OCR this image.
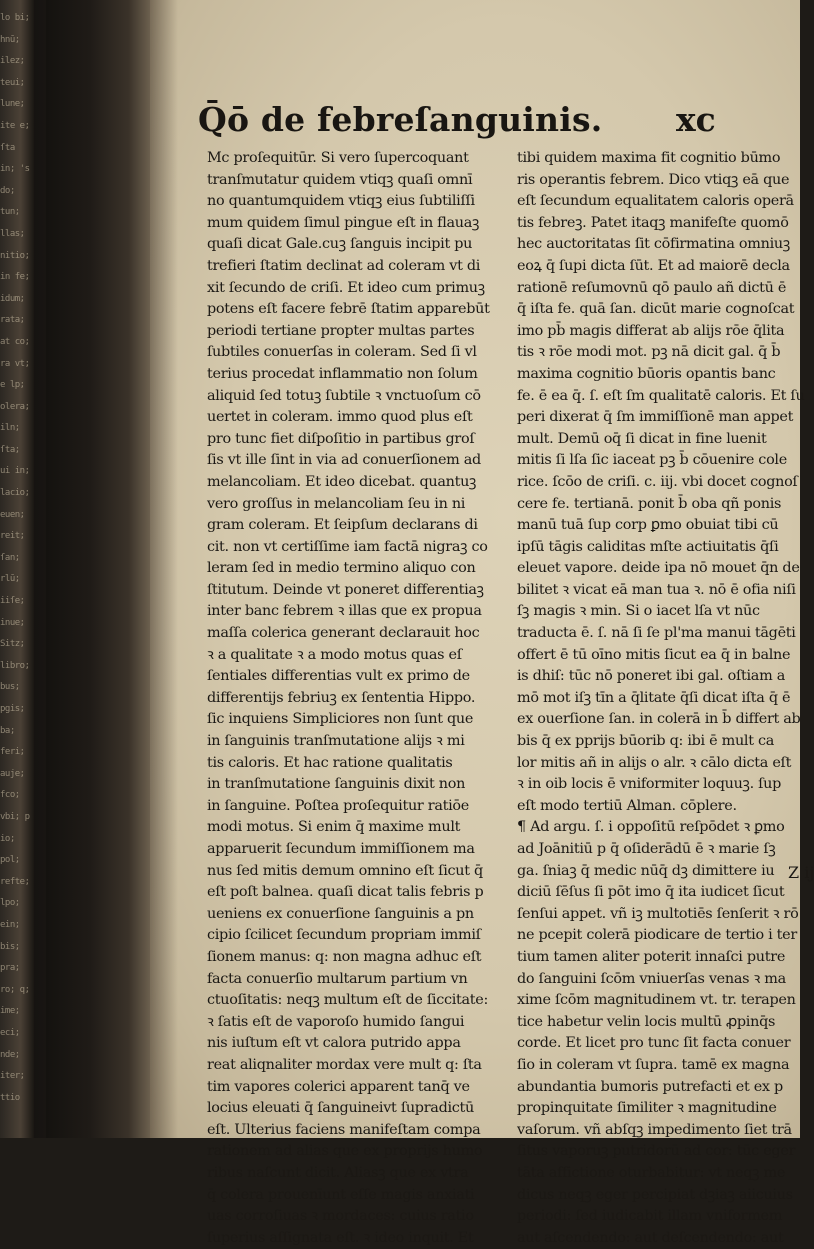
lo bi; hnū; ilez; teui; lune; ite e; ſta in; 's do; tun; llas; nitio; in fe; idum; rata; at co; ra vt; e lp; olera; iln; ſta; ui in; lacio; euen; reit; ſan; rlū; iiſe; inue; Sitz; libro; bus; pgis; ba; feri; auje; fco; vbi; p io; pol; refte; lpo; ein; bis; pra; ro; q; ime; eci; nde; iter; ttio
Q̄ō de febreſanguinis. xc
Mc proſequitūr. Si vero ſupercoquant
tranſmutatur quidem vtiqꝫ quaſi omnī
no quantumquidem vtiqꝫ eius ſubtiliſſi
mum quidem ſimul pingue eſt in flauaꝫ
quaſi dicat Gale.cuꝫ ſanguis incipit pu
trefieri ſtatim declinat ad coleram vt di
xit ſecundo de criſi. Et ideo cum primuꝫ
potens eſt facere febrē ſtatim apparebūt
periodi tertiane propter multas partes
ſubtiles conuerſas in coleram. Sed ſi vl
terius procedat inflammatio non ſolum
aliquid ſed totuꝫ ſubtile ꝛ vnctuoſum cō
uertet in coleram. immo quod plus eſt
pro tunc fiet diſpoſitio in partibus groſ
ſis vt ille ſint in via ad conuerſionem ad
melancoliam. Et ideo dicebat. quantuꝫ
vero groſſus in melancoliam ſeu in ni
gram coleram. Et ſeipſum declarans di
cit. non vt certiſſime iam factā nigraꝫ co
leram ſed in medio termino aliquo con
ſtitutum. Deinde vt poneret differentiaꝫ
inter banc febrem ꝛ illas que ex propua
maſſa colerica generant declarauit hoc
ꝛ a qualitate ꝛ a modo motus quas eſ
ſentiales differentias vult ex primo de
differentijs febriuꝫ ex ſententia Hippo.
ſic inquiens Simpliciores non ſunt que
in ſanguinis tranſmutatione alijs ꝛ mi
tis caloris. Et hac ratione qualitatis
in tranſmutatione ſanguinis dixit non
in ſanguine. Poſtea proſequitur ratiōe
modi motus. Si enim q̄ maxime mult
apparuerit ſecundum immiſſionem ma
nus ſed mitis demum omnino eſt ſicut q̄
eſt poſt balnea. quaſi dicat talis febris p
ueniens ex conuerſione ſanguinis a pn
cipio ſcilicet ſecundum propriam immiſ
ſionem manus: q: non magna adhuc eſt
facta conuerſio multarum partium vn
ctuoſitatis: neqꝫ multum eſt de ſiccitate:
ꝛ ſatis eſt de vaporoſo humido ſangui
nis iuſtum eſt vt calora putrido appa
reat aliqnaliter mordax vere mult q: ſta
tim vapores colerici apparent tanq̄ ve
locius eleuati q̄ ſanguineivt ſupradictū
eſt. Ulterius faciens manifeſtam compa
rationem ad alias que ex proprijs humo
ribus naſcunt dicit. Aliasꝫ que ex vtra
q̄ colera prouenīunt eſſe magis anxiati
uas corroſiuas ꝛ mordaces: cuius ratio
ſuperius aſſignata eſt. ꝛ ideo inquit. Et
tibi quidem maxima fit cognitio būmo
ris operantis febrem. Dico vtiqꝫ eā que
eſt ſecundum equalitatem caloris operā
tis febreꝫ. Patet itaqꝫ manifeſte quomō
hec auctoritatas ſit cōfirmatina omniuꝫ
eoꝝ q̄ ſupi dicta ſūt. Et ad maiorē decla
rationē reſumovnū qō paulo añ dictū ē
q̄ iſta fe. quā ſan. dicūt marie cognoſcat
imo pb̄ magis differat ab alijs rōe q̄lita
tis ꝛ rōe modi mot. pꝫ nā dicit gal. q̄ b̄
maxima cognitio būoris opantis banc
fe. ē ea q̄. ſ. eſt ſm qualitatē caloris. Et ſu
peri dixerat q̄ ſm immiſſionē man appet
mult. Demū oq̄ ſi dicat in fine luenit
mitis ſi lſa ſic iaceat pꝫ b̄ cōuenire cole
rice. ſcōo de criſi. c. iij. vbi docet cognoſ
cere fe. tertianā. ponit b̄ oba qñ ponis
manū tuā ſup corp ꝑmo obuiat tibi cū
ipſū tāgis caliditas mſte actiuitatis q̄ſi
eleuet vapore. deide ipa nō mouet q̄n de
bilitet ꝛ vicat eā man tua ꝛ. nō ē ofia niſi
ſꝫ magis ꝛ min. Si o iacet lſa vt nūc
traducta ē. ſ. nā ſi ſe pl'ma manui tāgēti
offert ē tū oīno mitis ſicut ea q̄ in balne
is dhiſ: tūc nō poneret ibi gal. oſtiam a
mō mot iſꝫ tīn a q̄litate q̄ſi dicat iſta q̄ ē
ex ouerſione ſan. in colerā in b̄ differt ab
bis q̄ ex pprijs būorib q: ibi ē mult ca
lor mitis añ in alijs o alr. ꝛ cālo dicta eſt
ꝛ in oib locis ē vniformiter loquuꝫ. ſup
eſt modo tertiū Alman. cōplere.
¶ Ad argu. ſ. i oppoſitū reſpōdet ꝛ ꝑmo
ad Joānitiū p q̄ oſiderādū ē ꝛ marie ſꝫ
ga. ſniaꝫ q̄ medic nūq̄ dꝫ dimittere iu
diciū ſēſus ſi pōt imo q̄ ita iudicet ſicut
ſenſui appet. vñ iꝫ multotiēs ſenſerit ꝛ rō
ne pcepit colerā piodicare de tertio i ter
tium tamen aliter poterit innaſci putre
do ſanguini ſcōm vniuerſas venas ꝛ ma
xime ſcōm magnitudinem vt. tr. terapen
tice habetur velin locis multū ꝓpinq̄s
corde. Et licet pro tunc ſit facta conuer
ſio in coleram vt ſupra. tamē ex magna
abundantia bumoris putrefacti et ex p
propinquitate ſimiliter ꝛ magnitudine
vaſorum. vñ abſqꝫ impedimento ſiet trā
ſitus vaporuꝫ putridorū ad cor: tūc eger
tāta affictione oturbabitur: vt neqꝫ me
dicus neqꝫ eger percipiat dꝫiaꝫ aiicuius
periodi: ſed iudicabit illam vniformem
aut aſcendendo: aut deſcendendo: aut
Z ij
